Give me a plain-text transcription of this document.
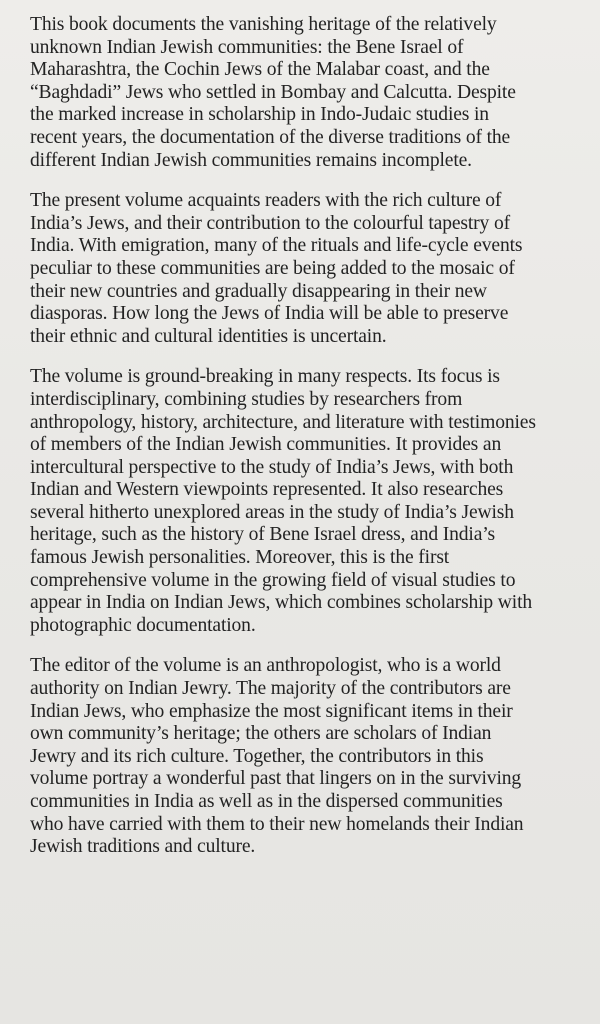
This book documents the vanishing heritage of the relatively
unknown Indian Jewish communities: the Bene Israel of
Maharashtra, the Cochin Jews of the Malabar coast, and the
“Baghdadi” Jews who settled in Bombay and Calcutta. Despite
the marked increase in scholarship in Indo-Judaic studies in
recent years, the documentation of the diverse traditions of the
different Indian Jewish communities remains incomplete.

The present volume acquaints readers with the rich culture of
India’s Jews, and their contribution to the colourful tapestry of
India. With emigration, many of the rituals and life-cycle events
peculiar to these communities are being added to the mosaic of
their new countries and gradually disappearing in their new
diasporas. How long the Jews of India will be able to preserve
their ethnic and cultural identities is uncertain.

The volume is ground-breaking in many respects. Its focus is
interdisciplinary, combining studies by researchers from
anthropology, history, architecture, and literature with testimonies
of members of the Indian Jewish communities. It provides an
intercultural perspective to the study of India’s Jews, with both
Indian and Western viewpoints represented. It also researches
several hitherto unexplored areas in the study of India’s Jewish
heritage, such as the history of Bene Israel dress, and India’s
famous Jewish personalities. Moreover, this is the first
comprehensive volume in the growing field of visual studies to
appear in India on Indian Jews, which combines scholarship with
photographic documentation.

The editor of the volume is an anthropologist, who is a world
authority on Indian Jewry. The majority of the contributors are
Indian Jews, who emphasize the most significant items in their
own community’s heritage; the others are scholars of Indian
Jewry and its rich culture. Together, the contributors in this
volume portray a wonderful past that lingers on in the surviving
communities in India as well as in the dispersed communities
who have carried with them to their new homelands their Indian
Jewish traditions and culture.
